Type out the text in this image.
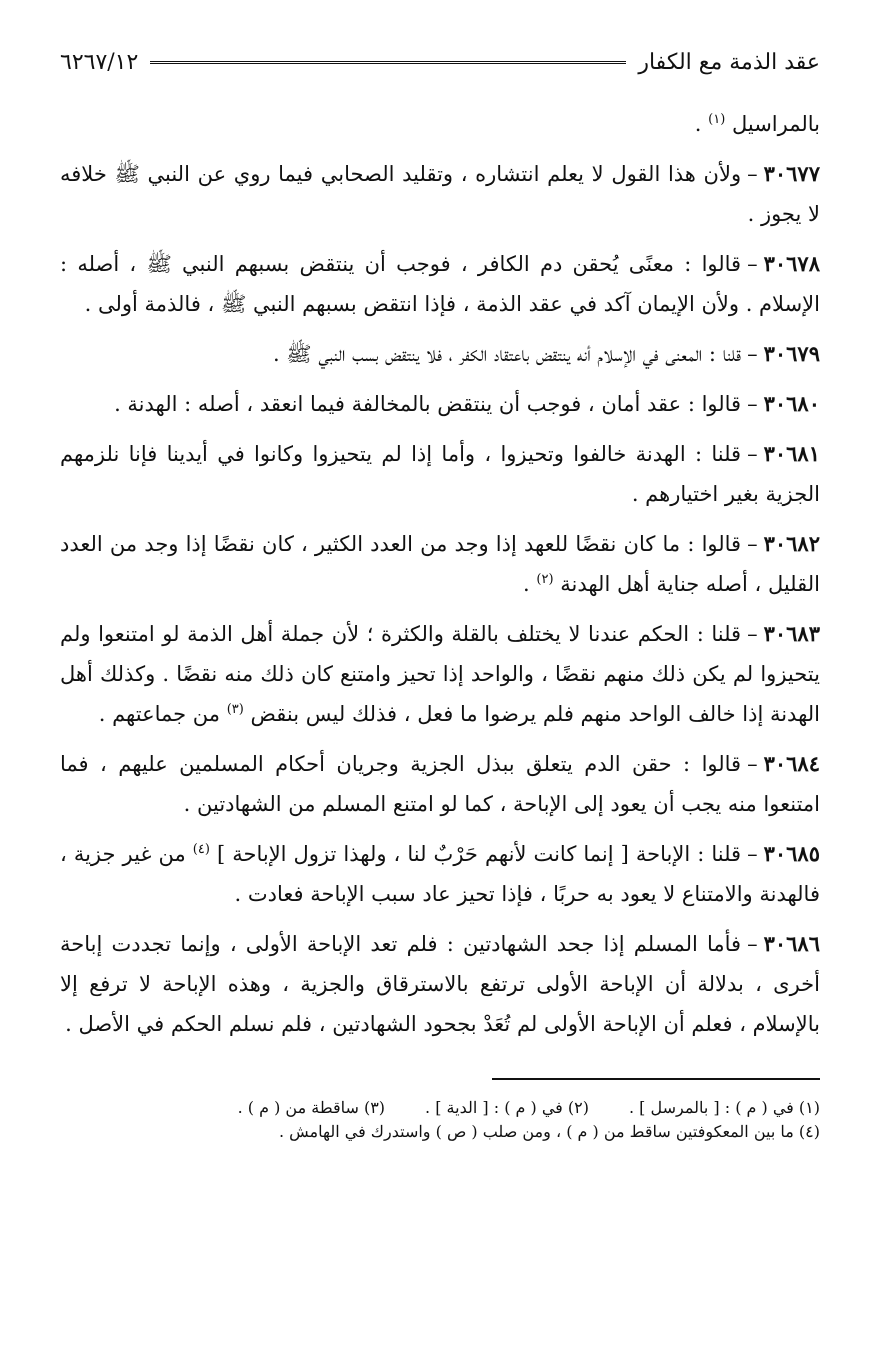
عقد الذمة مع الكفار
٦٢٦٧/١٢

بالمراسيل $^{(١)}$ .

٣٠٦٧٧–ولأن هذا القول لا يعلم انتشاره ، وتقليد الصحابي فيما روي عن النبي ﷺ خلافه لا يجوز .

٣٠٦٧٨–قالوا : معنًى يُحقن دم الكافر ، فوجب أن ينتقض بسبهم النبي ﷺ ، أصله : الإسلام . ولأن الإيمان آكد في عقد الذمة ، فإذا انتقض بسبهم النبي ﷺ ، فالذمة أولى .

٣٠٦٧٩–قلنا : المعنى في الإسلام أنه ينتقض باعتقاد الكفر ، فلا ينتقض بسب النبي ﷺ .

٣٠٦٨٠–قالوا : عقد أمان ، فوجب أن ينتقض بالمخالفة فيما انعقد ، أصله : الهدنة .

٣٠٦٨١–قلنا : الهدنة خالفوا وتحيزوا ، وأما إذا لم يتحيزوا وكانوا في أيدينا فإنا نلزمهم الجزية بغير اختيارهم .

٣٠٦٨٢–قالوا : ما كان نقضًا للعهد إذا وجد من العدد الكثير ، كان نقضًا إذا وجد من العدد القليل ، أصله جناية أهل الهدنة $^{(٢)}$ .

٣٠٦٨٣–قلنا : الحكم عندنا لا يختلف بالقلة والكثرة ؛ لأن جملة أهل الذمة لو امتنعوا ولم يتحيزوا لم يكن ذلك منهم نقضًا ، والواحد إذا تحيز وامتنع كان ذلك منه نقضًا . وكذلك أهل الهدنة إذا خالف الواحد منهم فلم يرضوا ما فعل ، فذلك ليس بنقض $^{(٣)}$ من جماعتهم .

٣٠٦٨٤–قالوا : حقن الدم يتعلق ببذل الجزية وجريان أحكام المسلمين عليهم ، فما امتنعوا منه يجب أن يعود إلى الإباحة ، كما لو امتنع المسلم من الشهادتين .

٣٠٦٨٥–قلنا : الإباحة [ إنما كانت لأنهم حَرْبٌ لنا ، ولهذا تزول الإباحة ] $^{(٤)}$ من غير جزية ، فالهدنة والامتناع لا يعود به حربًا ، فإذا تحيز عاد سبب الإباحة فعادت .

٣٠٦٨٦–فأما المسلم إذا جحد الشهادتين : فلم تعد الإباحة الأولى ، وإنما تجددت إباحة أخرى ، بدلالة أن الإباحة الأولى ترتفع بالاسترقاق والجزية ، وهذه الإباحة لا ترفع إلا بالإسلام ، فعلم أن الإباحة الأولى لم تُعَدْ بجحود الشهادتين ، فلم نسلم الحكم في الأصل .

(١) في ( م ) : [ بالمرسل ] .
(٢) في ( م ) : [ الدية ] .
(٣) ساقطة من ( م ) .
(٤) ما بين المعكوفتين ساقط من ( م ) ، ومن صلب ( ص ) واستدرك في الهامش .
